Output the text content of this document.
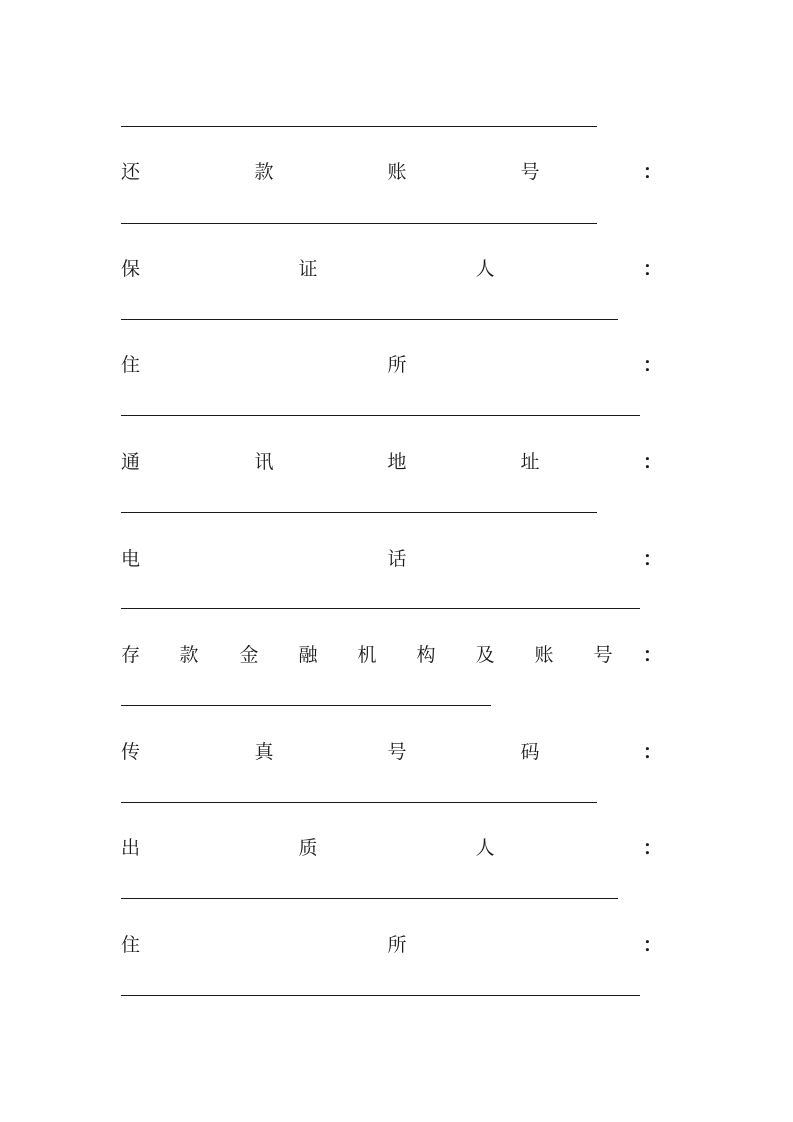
还	款	账	号	：
保	证	人	：
住	所	：
通	讯	地	址	：
电	话	：
存 款 金 融 机 构 及 账 号 ：
传	真	号	码	：
出	质	人	：
住	所	：
